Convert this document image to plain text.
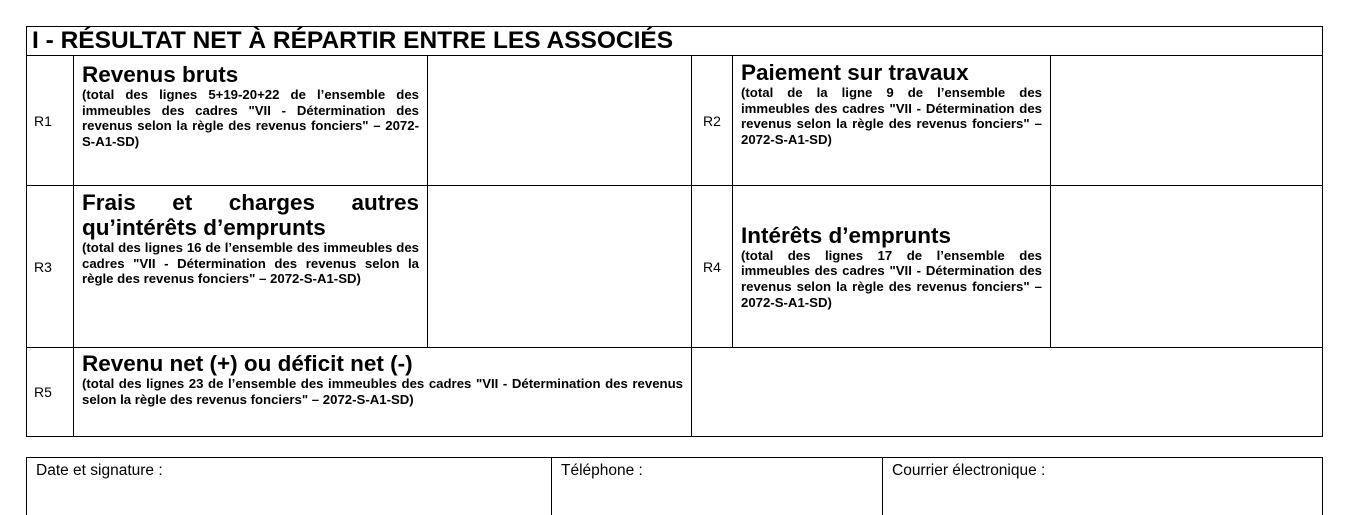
I - RÉSULTAT NET À RÉPARTIR ENTRE LES ASSOCIÉS
R1
Revenus bruts
(total des lignes 5+19-20+22 de l’ensemble des immeubles des cadres "VII - Détermination des revenus selon la règle des revenus fonciers" – 2072-S-A1-SD)
R2
Paiement sur travaux
(total de la ligne 9 de l’ensemble des immeubles des cadres "VII - Détermination des revenus selon la règle des revenus fonciers" – 2072-S-A1-SD)
R3
Frais et charges autres qu’intérêts d’emprunts
(total des lignes 16 de l’ensemble des immeubles des cadres "VII - Détermination des revenus selon la règle des revenus fonciers" – 2072-S-A1-SD)
R4
Intérêts d’emprunts
(total des lignes 17 de l’ensemble des immeubles des cadres "VII - Détermination des revenus selon la règle des revenus fonciers" – 2072-S-A1-SD)
R5
Revenu net (+) ou déficit net (-)
(total des lignes 23 de l’ensemble des immeubles des cadres "VII - Détermination des revenus selon la règle des revenus fonciers" – 2072-S-A1-SD)
Date et signature :	Téléphone :	Courrier électronique :
